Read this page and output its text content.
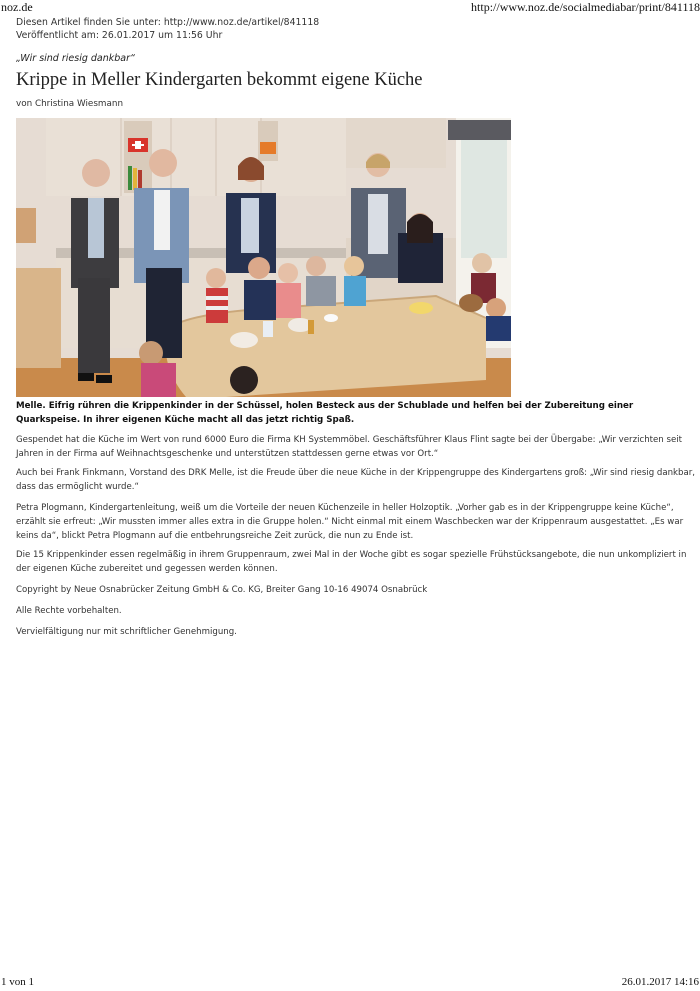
noz.de	http://www.noz.de/socialmediabar/print/841118
Diesen Artikel finden Sie unter: http://www.noz.de/artikel/841118
Veröffentlicht am: 26.01.2017 um 11:56 Uhr
„Wir sind riesig dankbar“
Krippe in Meller Kindergarten bekommt eigene Küche
von Christina Wiesmann
Melle. Eifrig rühren die Krippenkinder in der Schüssel, holen Besteck aus der Schublade und helfen bei der Zubereitung einer Quarkspeise. In ihrer eigenen Küche macht all das jetzt richtig Spaß.
Gespendet hat die Küche im Wert von rund 6000 Euro die Firma KH Systemmöbel. Geschäftsführer Klaus Flint sagte bei der Übergabe: „Wir verzichten seit Jahren in der Firma auf Weihnachtsgeschenke und unterstützen stattdessen gerne etwas vor Ort.“
Auch bei Frank Finkmann, Vorstand des DRK Melle, ist die Freude über die neue Küche in der Krippengruppe des Kindergartens groß: „Wir sind riesig dankbar, dass das ermöglicht wurde.“
Petra Plogmann, Kindergartenleitung, weiß um die Vorteile der neuen Küchenzeile in heller Holzoptik. „Vorher gab es in der Krippengruppe keine Küche“, erzählt sie erfreut: „Wir mussten immer alles extra in die Gruppe holen.“ Nicht einmal mit einem Waschbecken war der Krippenraum ausgestattet. „Es war keins da“, blickt Petra Plogmann auf die entbehrungsreiche Zeit zurück, die nun zu Ende ist.
Die 15 Krippenkinder essen regelmäßig in ihrem Gruppenraum, zwei Mal in der Woche gibt es sogar spezielle Frühstücksangebote, die nun unkompliziert in der eigenen Küche zubereitet und gegessen werden können.
Copyright by Neue Osnabrücker Zeitung GmbH & Co. KG, Breiter Gang 10-16 49074 Osnabrück
Alle Rechte vorbehalten.
Vervielfältigung nur mit schriftlicher Genehmigung.
1 von 1	26.01.2017 14:16
